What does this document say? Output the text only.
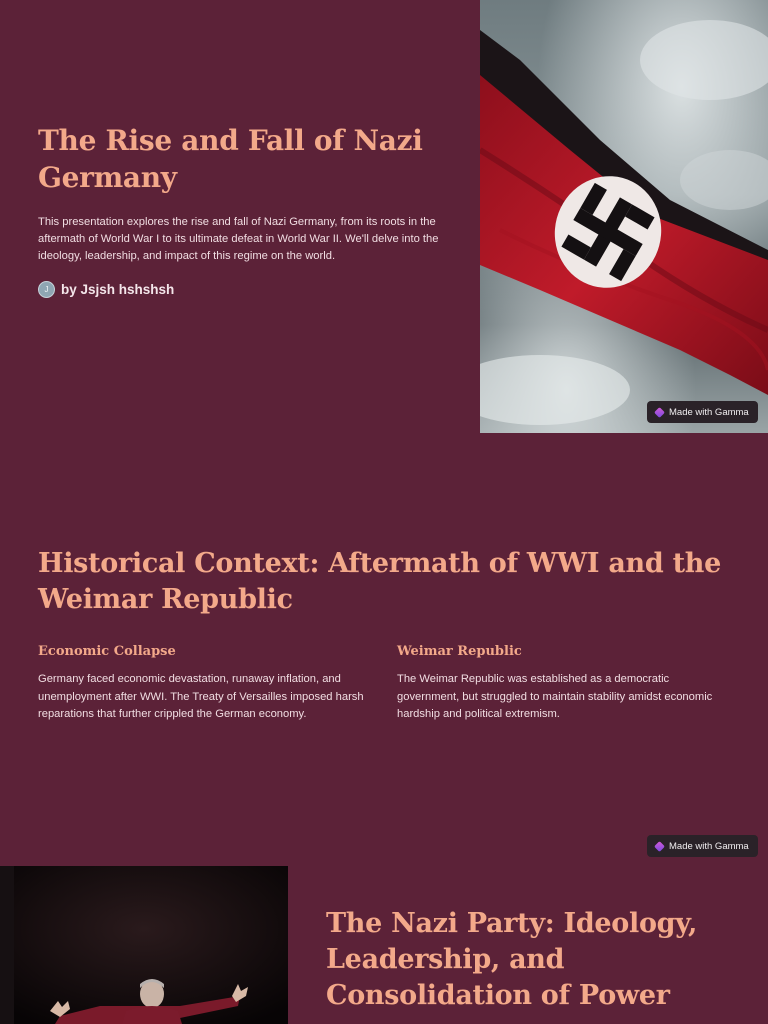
The Rise and Fall of Nazi Germany

This presentation explores the rise and fall of Nazi Germany, from its roots in the aftermath of World War I to its ultimate defeat in World War II. We'll delve into the ideology, leadership, and impact of this regime on the world.

J by Jsjsh hshshsh
Made with Gamma
Historical Context: Aftermath of WWI and the Weimar Republic
Economic Collapse

Germany faced economic devastation, runaway inflation, and unemployment after WWI. The Treaty of Versailles imposed harsh reparations that further crippled the German economy.

Weimar Republic

The Weimar Republic was established as a democratic government, but struggled to maintain stability amidst economic hardship and political extremism.

Made with Gamma
The Nazi Party: Ideology, Leadership, and Consolidation of Power
